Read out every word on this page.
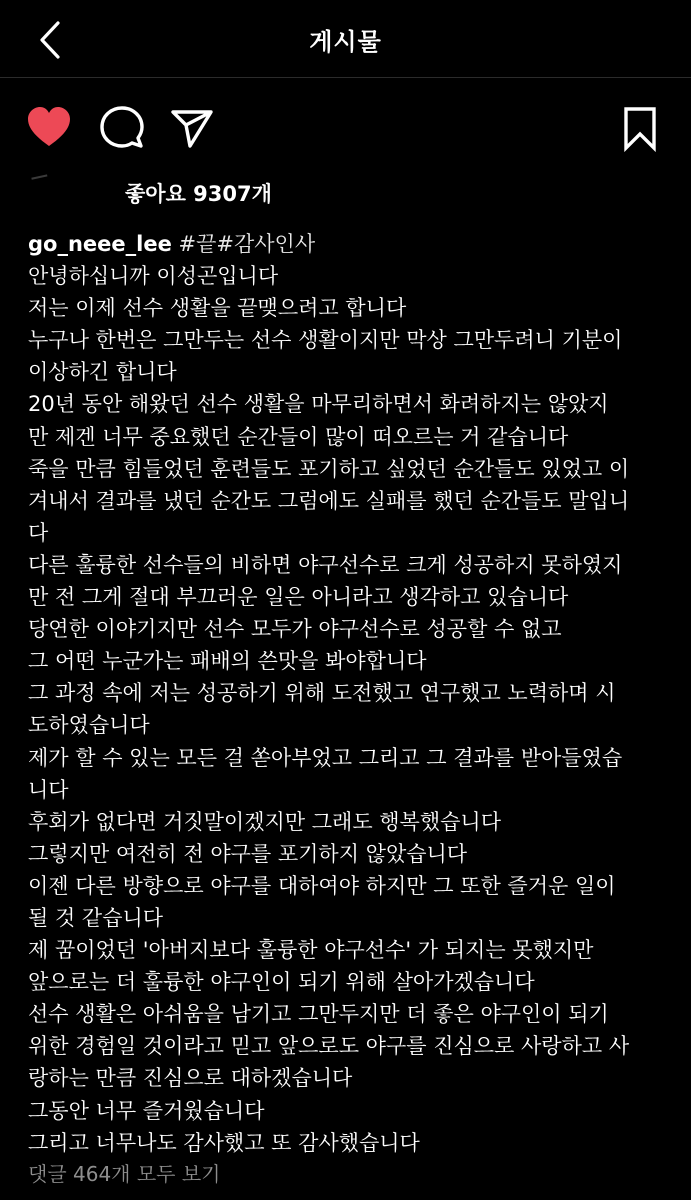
게시물
좋아요 9307개
go_neee_lee #끝#감사인사
안녕하십니까 이성곤입니다
저는 이제 선수 생활을 끝맺으려고 합니다
누구나 한번은 그만두는 선수 생활이지만 막상 그만두려니 기분이
이상하긴 합니다
20년 동안 해왔던 선수 생활을 마무리하면서 화려하지는 않았지
만 제겐 너무 중요했던 순간들이 많이 떠오르는 거 같습니다
죽을 만큼 힘들었던 훈련들도 포기하고 싶었던 순간들도 있었고 이
겨내서 결과를 냈던 순간도 그럼에도 실패를 했던 순간들도 말입니
다
다른 훌륭한 선수들의 비하면 야구선수로 크게 성공하지 못하였지
만 전 그게 절대 부끄러운 일은 아니라고 생각하고 있습니다
당연한 이야기지만 선수 모두가 야구선수로 성공할 수 없고
그 어떤 누군가는 패배의 쓴맛을 봐야합니다
그 과정 속에 저는 성공하기 위해 도전했고 연구했고 노력하며 시
도하였습니다
제가 할 수 있는 모든 걸 쏟아부었고 그리고 그 결과를 받아들였습
니다
후회가 없다면 거짓말이겠지만 그래도 행복했습니다
그렇지만 여전히 전 야구를 포기하지 않았습니다
이젠 다른 방향으로 야구를 대하여야 하지만 그 또한 즐거운 일이
될 것 같습니다
제 꿈이었던 '아버지보다 훌륭한 야구선수' 가 되지는 못했지만
앞으로는 더 훌륭한 야구인이 되기 위해 살아가겠습니다
선수 생활은 아쉬움을 남기고 그만두지만 더 좋은 야구인이 되기
위한 경험일 것이라고 믿고 앞으로도 야구를 진심으로 사랑하고 사
랑하는 만큼 진심으로 대하겠습니다
그동안 너무 즐거웠습니다
그리고 너무나도 감사했고 또 감사했습니다
댓글 464개 모두 보기
